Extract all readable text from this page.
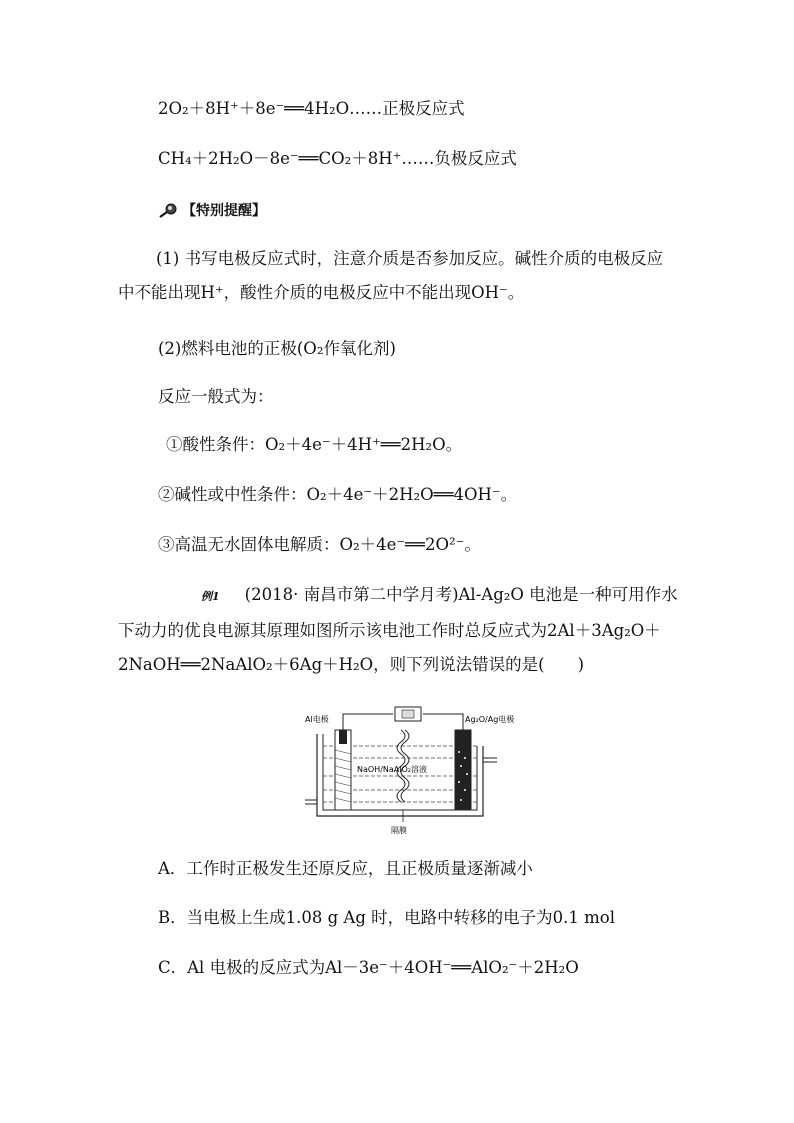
2O₂＋8H⁺＋8e⁻══4H₂O……正极反应式
CH₄＋2H₂O－8e⁻══CO₂＋8H⁺……负极反应式
【特别提醒】

(1) 书写电极反应式时，注意介质是否参加反应。碱性介质的电极反应中不能出现H⁺，酸性介质的电极反应中不能出现OH⁻。

(2)燃料电池的正极(O₂作氧化剂)
反应一般式为：
①酸性条件：O₂＋4e⁻＋4H⁺══2H₂O。
②碱性或中性条件：O₂＋4e⁻＋2H₂O══4OH⁻。
③高温无水固体电解质：O₂＋4e⁻══2O²⁻。

例1 (2018· 南昌市第二中学月考)Al-Ag₂O 电池是一种可用作水下动力的优良电源其原理如图所示该电池工作时总反应式为2Al＋3Ag₂O＋2NaOH══2NaAlO₂＋6Ag＋H₂O，则下列说法错误的是(　　)

Al电极	Ag₂O/Ag电极
NaOH/NaAlO₂溶液
隔膜
A．工作时正极发生还原反应，且正极质量逐渐减小
B．当电极上生成1.08 g Ag 时，电路中转移的电子为0.1 mol
C．Al 电极的反应式为Al－3e⁻＋4OH⁻══AlO₂⁻＋2H₂O
